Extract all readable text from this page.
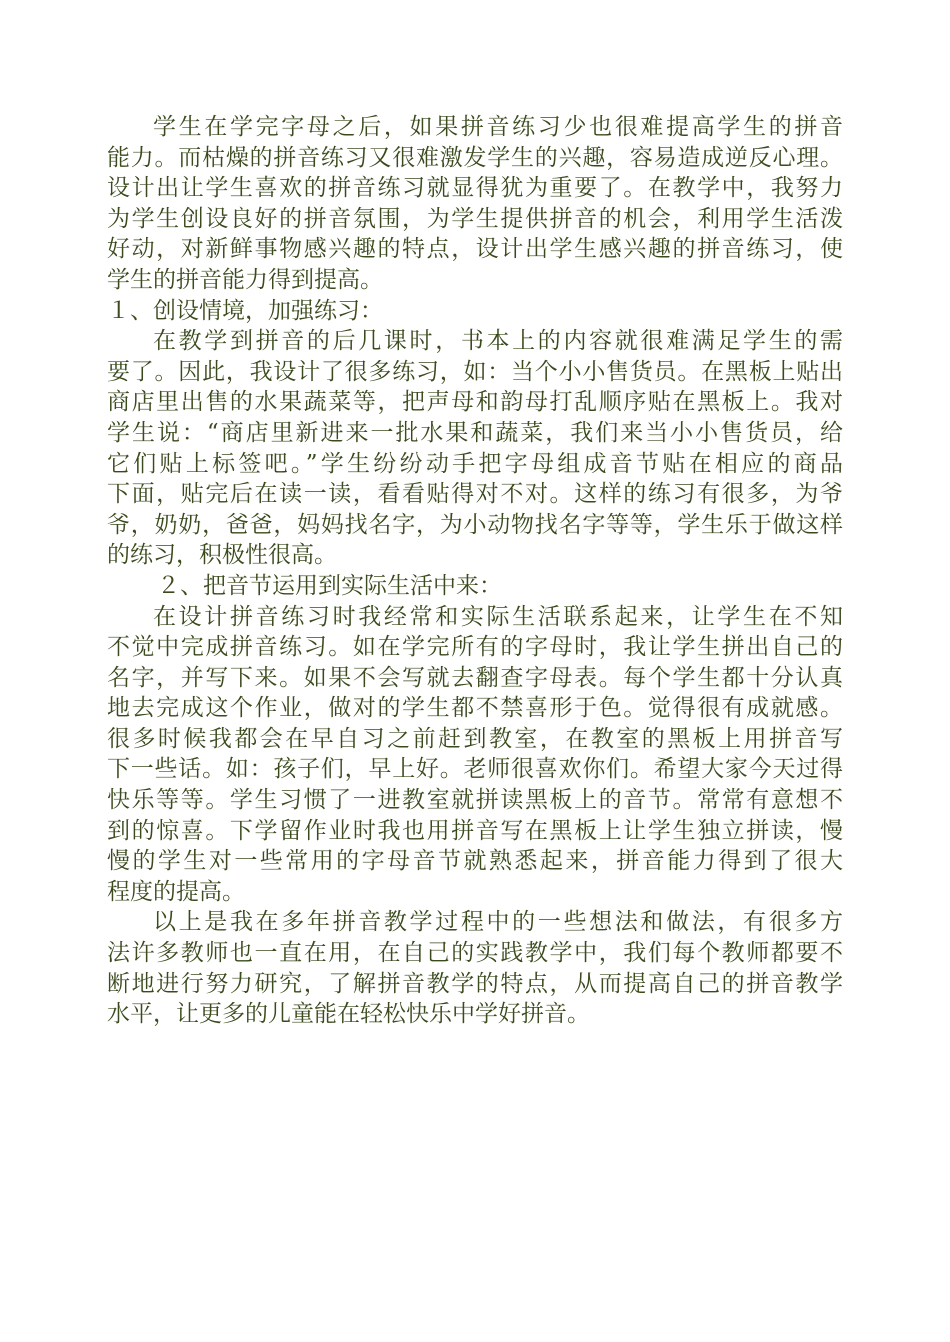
学生在学完字母之后，如果拼音练习少也很难提高学生的拼音
能力。而枯燥的拼音练习又很难激发学生的兴趣，容易造成逆反心理。
设计出让学生喜欢的拼音练习就显得犹为重要了。在教学中，我努力
为学生创设良好的拼音氛围，为学生提供拼音的机会，利用学生活泼
好动，对新鲜事物感兴趣的特点，设计出学生感兴趣的拼音练习，使
学生的拼音能力得到提高。
１、创设情境，加强练习：
在教学到拼音的后几课时，书本上的内容就很难满足学生的需
要了。因此，我设计了很多练习，如：当个小小售货员。在黑板上贴出
商店里出售的水果蔬菜等，把声母和韵母打乱顺序贴在黑板上。我对
学生说：“商店里新进来一批水果和蔬菜，我们来当小小售货员，给
它们贴上标签吧。”学生纷纷动手把字母组成音节贴在相应的商品
下面，贴完后在读一读，看看贴得对不对。这样的练习有很多，为爷
爷，奶奶，爸爸，妈妈找名字，为小动物找名字等等，学生乐于做这样
的练习，积极性很高。
２、把音节运用到实际生活中来：
在设计拼音练习时我经常和实际生活联系起来，让学生在不知
不觉中完成拼音练习。如在学完所有的字母时，我让学生拼出自己的
名字，并写下来。如果不会写就去翻查字母表。每个学生都十分认真
地去完成这个作业，做对的学生都不禁喜形于色。觉得很有成就感。
很多时候我都会在早自习之前赶到教室，在教室的黑板上用拼音写
下一些话。如：孩子们，早上好。老师很喜欢你们。希望大家今天过得
快乐等等。学生习惯了一进教室就拼读黑板上的音节。常常有意想不
到的惊喜。下学留作业时我也用拼音写在黑板上让学生独立拼读，慢
慢的学生对一些常用的字母音节就熟悉起来，拼音能力得到了很大
程度的提高。
以上是我在多年拼音教学过程中的一些想法和做法，有很多方
法许多教师也一直在用，在自己的实践教学中，我们每个教师都要不
断地进行努力研究，了解拼音教学的特点，从而提高自己的拼音教学
水平，让更多的儿童能在轻松快乐中学好拼音。
